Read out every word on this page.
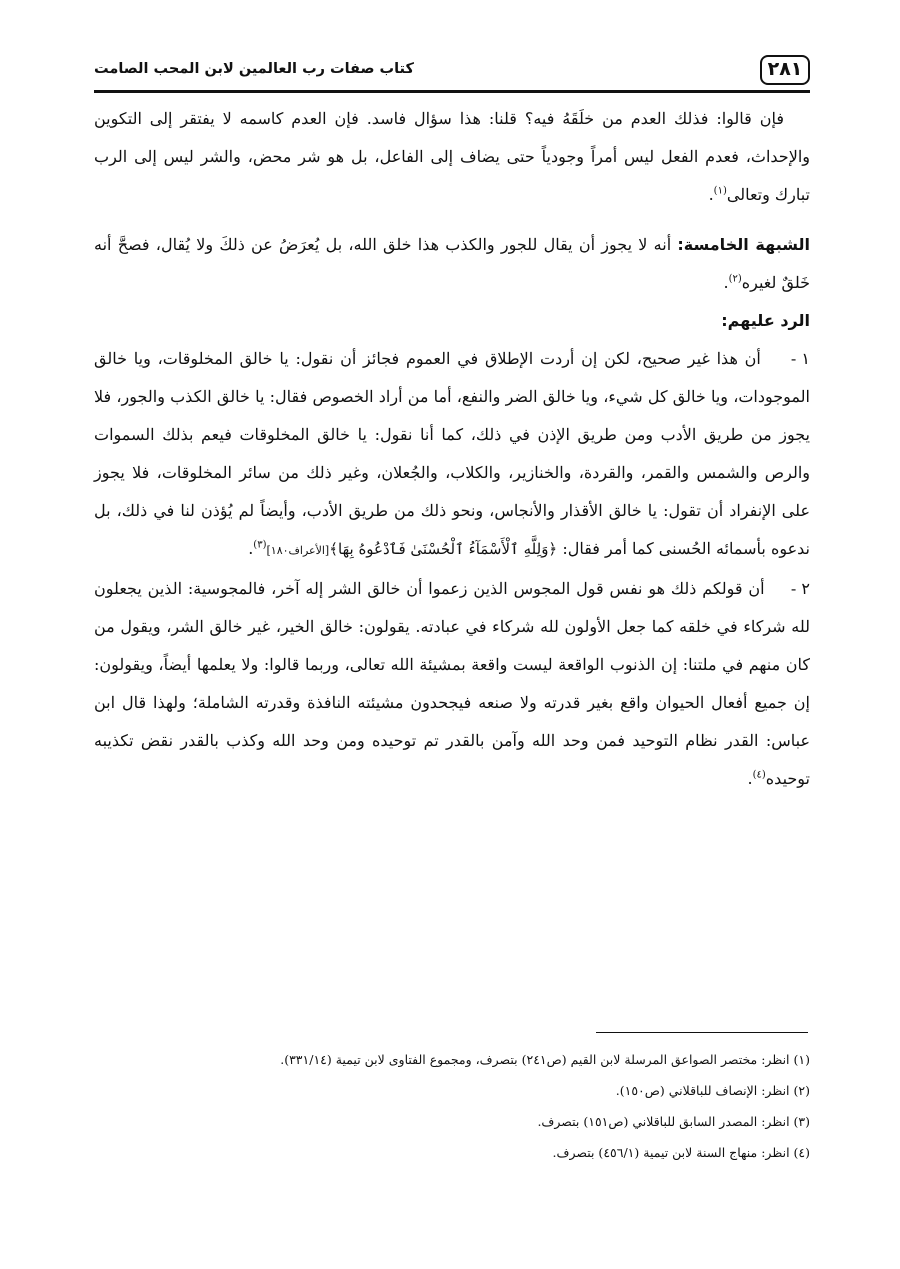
٢٨١
كتاب صفات رب العالمين لابن المحب الصامت

فإن قالوا: فذلك العدم من خلَقَهُ فيه؟ قلنا: هذا سؤال فاسد. فإن العدم كاسمه لا يفتقر إلى التكوين والإحداث، فعدم الفعل ليس أمراً وجودياً حتى يضاف إلى الفاعل، بل هو شر محض، والشر ليس إلى الرب تبارك وتعالى$^{(١)}$.

الشبهة الخامسة: أنه لا يجوز أن يقال للجور والكذب هذا خلق الله، بل يُعرَضُ عن ذلكَ ولا يُقال، فصحَّ أنه خَلقٌ لغيره$^{(٢)}$.

الرد عليهم:

١ -    أن هذا غير صحيح، لكن إن أردت الإطلاق في العموم فجائز أن نقول: يا خالق المخلوقات، ويا خالق الموجودات، ويا خالق كل شيء، ويا خالق الضر والنفع، أما من أراد الخصوص فقال: يا خالق الكذب والجور، فلا يجوز من طريق الأدب ومن طريق الإذن في ذلك، كما أنا نقول: يا خالق المخلوقات فيعم بذلك السموات والرص والشمس والقمر، والقردة، والخنازير، والكلاب، والجُعلان، وغير ذلك من سائر المخلوقات، فلا يجوز على الإنفراد أن تقول: يا خالق الأقذار والأنجاس، ونحو ذلك من طريق الأدب، وأيضاً لم يُؤذن لنا في ذلك، بل ندعوه بأسمائه الحُسنى كما أمر فقال: ﴿وَلِلَّهِ ٱلْأَسْمَآءُ ٱلْحُسْنَىٰ فَٱدْعُوهُ بِهَا﴾[الأعراف١٨٠]$^{(٣)}$.

٢ -    أن قولكم ذلك هو نفس قول المجوس الذين زعموا أن خالق الشر إله آخر، فالمجوسية: الذين يجعلون لله شركاء في خلقه كما جعل الأولون لله شركاء في عبادته. يقولون: خالق الخير، غير خالق الشر، ويقول من كان منهم في ملتنا: إن الذنوب الواقعة ليست واقعة بمشيئة الله تعالى، وربما قالوا: ولا يعلمها أيضاً، ويقولون: إن جميع أفعال الحيوان واقع بغير قدرته ولا صنعه فيجحدون مشيئته النافذة وقدرته الشاملة؛ ولهذا قال ابن عباس: القدر نظام التوحيد فمن وحد الله وآمن بالقدر تم توحيده ومن وحد الله وكذب بالقدر نقض تكذيبه توحيده$^{(٤)}$.

(١) انظر: مختصر الصواعق المرسلة لابن القيم (ص٢٤١) بتصرف، ومجموع الفتاوى لابن تيمية (٣٣١/١٤).

(٢) انظر: الإنصاف للباقلاني (ص١٥٠).

(٣) انظر: المصدر السابق للباقلاني (ص١٥١) بتصرف.

(٤) انظر: منهاج السنة لابن تيمية (٤٥٦/١) بتصرف.
